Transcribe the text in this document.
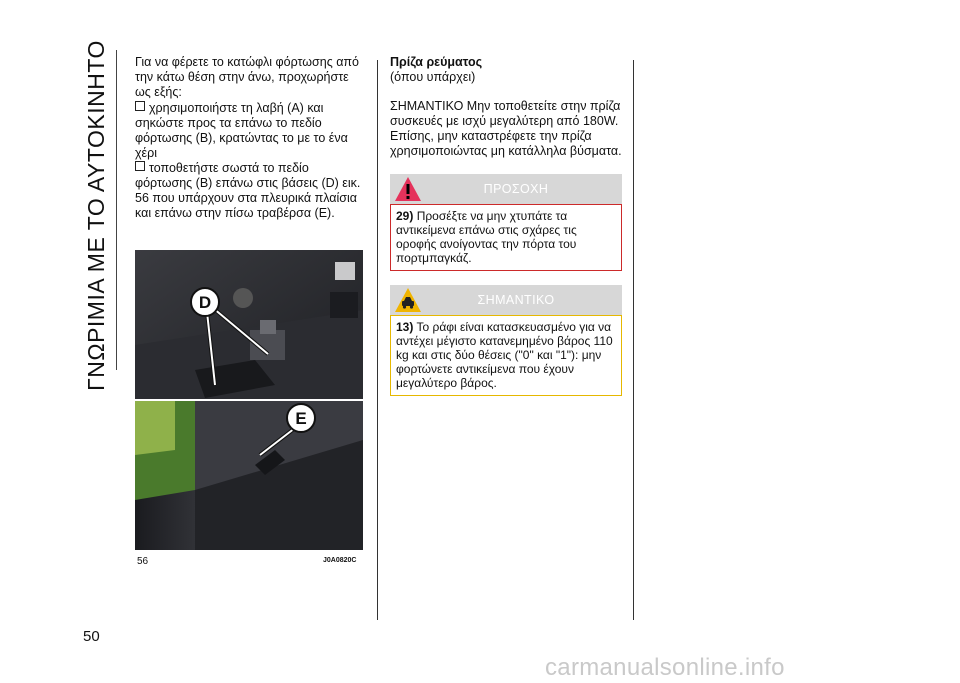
ΓΝΩΡΙΜΙΑ ΜΕ ΤΟ ΑΥΤΟΚΙΝΗΤΟ
50

Για να φέρετε το κατώφλι φόρτωσης από την κάτω θέση στην άνω, προχωρήστε ως εξής:

χρησιμοποιήστε τη λαβή (A) και σηκώστε προς τα επάνω το πεδίο φόρτωσης (B), κρατώντας το με το ένα χέρι

τοποθετήστε σωστά το πεδίο φόρτωσης (B) επάνω στις βάσεις (D) εικ. 56 που υπάρχουν στα πλευρικά πλαίσια και επάνω στην πίσω τραβέρσα (E).

D
E
56	J0A0820C

Πρίζα ρεύματος

(όπου υπάρχει)

ΣΗΜΑΝΤΙΚΟ Μην τοποθετείτε στην πρίζα συσκευές με ισχύ μεγαλύτερη από 180W. Επίσης, μην καταστρέφετε την πρίζα χρησιμοποιώντας μη κατάλληλα βύσματα.

ΠΡΟΣΟΧΗ
29) Προσέξτε να μην χτυπάτε τα αντικείμενα επάνω στις σχάρες τις οροφής ανοίγοντας την πόρτα του πορτμπαγκάζ.
ΣΗΜΑΝΤΙΚΟ
13) Το ράφι είναι κατασκευασμένο για να αντέχει μέγιστο κατανεμημένο βάρος 110 kg και στις δύο θέσεις ("0" και "1"): μην φορτώνετε αντικείμενα που έχουν μεγαλύτερο βάρος.
carmanualsonline.info
